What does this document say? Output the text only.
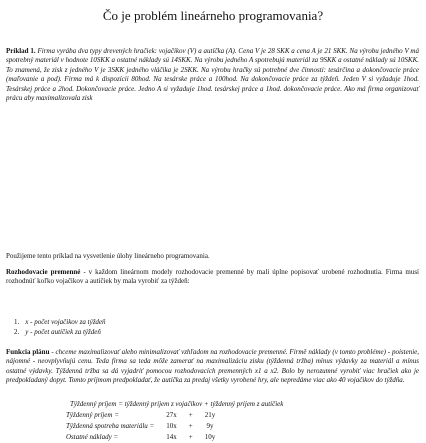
Čo je problém lineárneho programovania?

Príklad 1. Firma vyrába dva typy drevených hračiek: vojačikov (V) a autíčka (A). Cena V je 28 SKK a cena A je 21 SKK. Na výrobu jedného V má spotrebný materiál v hodnote 10SKK a ostatné náklady sú 14SKK. Na výrobu jedného A spotrebujú materiál za 9SKK a ostatné náklady sú 10SKK. To znamená, že zisk z jedného V je 3SKK jedného vláčika je 2SKK. Na výrobu hračky sú potrebné dve činnosti: tesárčina a dokončovacie práce (maľovanie a pod). Firma má k dispozícii 80hod. Na tesárske práce a 100hod. Na dokončovacie práce za týždeň. Jeden V si vyžaduje 1hod. Tesárskej práce a 2hod. Dokončovacie práce. Jedno A si vyžaduje 1hod. tesárskej práce a 1hod. dokončovacie práce. Ako má firma organizovať prácu aby maximalizovala zisk

Použijeme tento príklad na vysvetlenie úlohy lineárneho programovania.

Rozhodovacie premenné - v každom lineárnom modely rozhodovacie premenné by mali úplne popisovať urobené rozhodnutia. Firma musí rozhodnúť koľko vojačikov a autíčiek by mala vyrobiť za týždeň:

1. x - počet vojačikov za týždeň
2. y - počet autíčiek za týždeň

Funkcia plánu - chceme maximalizovať alebo minimalizovať vzhľadom na rozhodovacie premenné. Firmě náklady (v tomto probléme) - poistenie, nájomné - neovplyvňujú cenu. Teda firma sa teda môže zamerať na maximalizáciu zisku (týždenná tržba) mínus výdavky za materiál a mínus ostatné výdavky. Týždenná tržba sa dá vyjadriť pomocou rozhodovacích premenných x1 a x2. Bolo by nerozumné vyrobiť viac hračiek ako je predpokladaný dopyt. Tomto príjmom predpokladať, že autíčka za predaj všetky vyrobené hry, ale nepredáme viac ako 40 vojačikov do týždňa.

Týždenný príjem = týždenný príjem z vojačikov + týždenný príjem z autíčiek
Týždenný príjem =	27x	+	21y
Týždenná spotreba materiálu =	10x	+	9y
Ostatné náklady =	14x	+	10y
